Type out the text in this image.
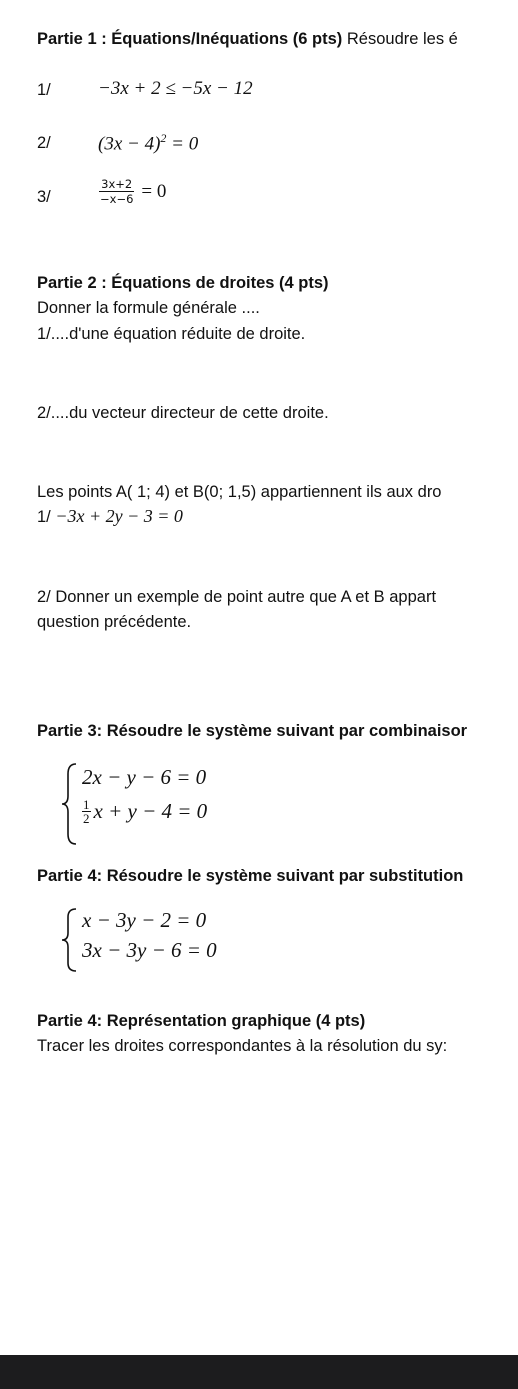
Partie 1 : Équations/Inéquations (6 pts) Résoudre les é
1/ −3x + 2 ≤ −5x − 12
2/ $(3x - 4)^2 = 0$
3/	$\frac{3x+2}{-x-6} = 0$
Partie 2 : Équations de droites (4 pts)
Donner la formule générale ....
1/....d'une équation réduite de droite.
2/....du vecteur directeur de cette droite.
Les points A( 1; 4) et B(0; 1,5) appartiennent ils aux dro
1/ −3x + 2y − 3 = 0
2/ Donner un exemple de point autre que A et B appart
question précédente.
Partie 3: Résoudre le système suivant par combinaisor
2x − y − 6 = 0
$\frac{1}{2}$ x + y − 4 = 0
Partie 4: Résoudre le système suivant par substitution
x − 3y − 2 = 0
3x − 3y − 6 = 0
Partie 4: Représentation graphique (4 pts)
Tracer les droites correspondantes à la résolution du sy:
